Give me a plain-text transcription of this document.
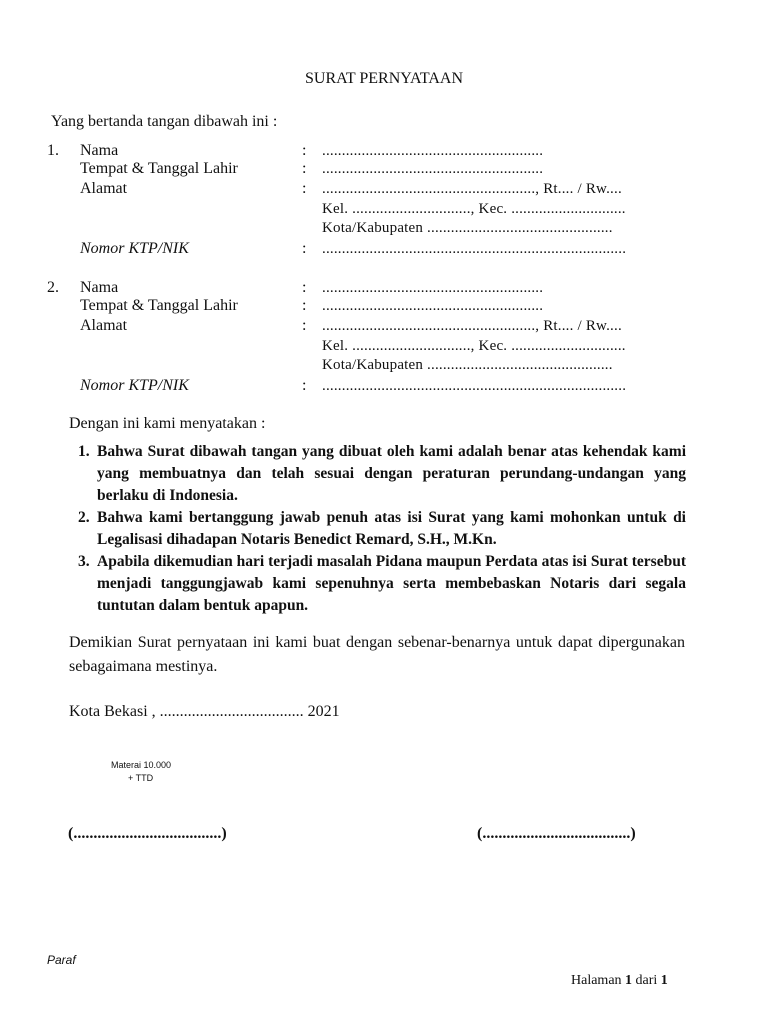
SURAT PERNYATAAN
Yang bertanda tangan dibawah ini :
1. Nama	: ........................................................
Tempat & Tanggal Lahir	: ........................................................
Alamat	: ......................................................, Rt.... / Rw....
Kel. .............................., Kec. .............................
Kota/Kabupaten ...............................................
Nomor KTP/NIK	: .............................................................................
2. Nama	: ........................................................
Tempat & Tanggal Lahir	: ........................................................
Alamat	: ......................................................, Rt.... / Rw....
Kel. .............................., Kec. .............................
Kota/Kabupaten ...............................................
Nomor KTP/NIK	: .............................................................................
Dengan ini kami menyatakan :
1. Bahwa Surat dibawah tangan yang dibuat oleh kami adalah benar atas kehendak kami yang membuatnya dan telah sesuai dengan peraturan perundang-undangan yang berlaku di Indonesia.
2. Bahwa kami bertanggung jawab penuh atas isi Surat yang kami mohonkan untuk di Legalisasi dihadapan Notaris Benedict Remard, S.H., M.Kn.
3. Apabila dikemudian hari terjadi masalah Pidana maupun Perdata atas isi Surat tersebut menjadi tanggungjawab kami sepenuhnya serta membebaskan Notaris dari segala tuntutan dalam bentuk apapun.
Demikian Surat pernyataan ini kami buat dengan sebenar-benarnya untuk dapat dipergunakan sebagaimana mestinya.
Kota Bekasi , .................................... 2021
Materai 10.000
+ TTD
(.....................................)	(.....................................)
Paraf
Halaman 1 dari 1
